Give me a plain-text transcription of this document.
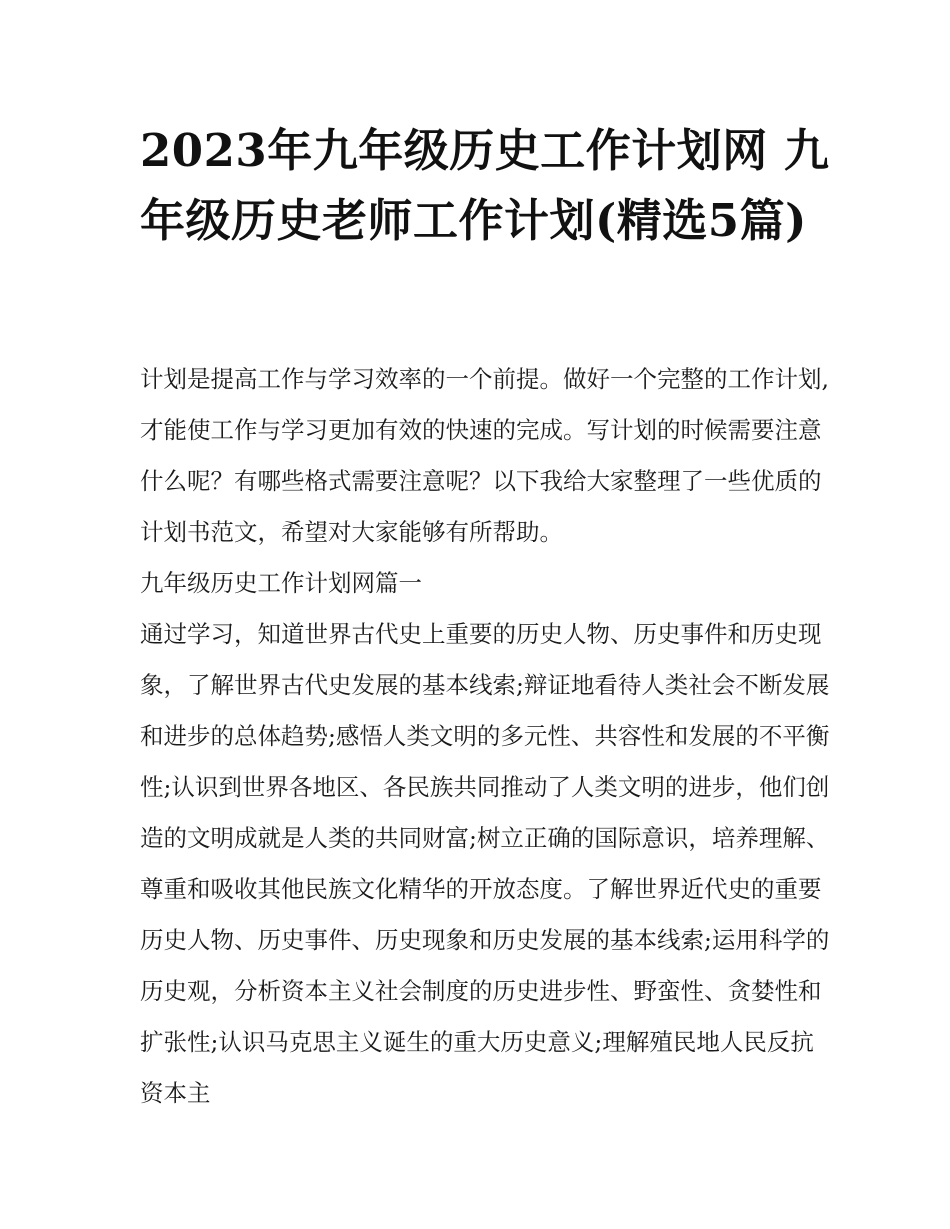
2023年九年级历史工作计划网 九年级历史老师工作计划(精选5篇)

计划是提高工作与学习效率的一个前提。做好一个完整的工作计划,才能使工作与学习更加有效的快速的完成。写计划的时候需要注意什么呢？有哪些格式需要注意呢？以下我给大家整理了一些优质的计划书范文，希望对大家能够有所帮助。

九年级历史工作计划网篇一

通过学习，知道世界古代史上重要的历史人物、历史事件和历史现象，了解世界古代史发展的基本线索;辩证地看待人类社会不断发展和进步的总体趋势;感悟人类文明的多元性、共容性和发展的不平衡性;认识到世界各地区、各民族共同推动了人类文明的进步，他们创造的文明成就是人类的共同财富;树立正确的国际意识，培养理解、尊重和吸收其他民族文化精华的开放态度。了解世界近代史的重要历史人物、历史事件、历史现象和历史发展的基本线索;运用科学的历史观，分析资本主义社会制度的历史进步性、野蛮性、贪婪性和扩张性;认识马克思主义诞生的重大历史意义;理解殖民地人民反抗资本主
